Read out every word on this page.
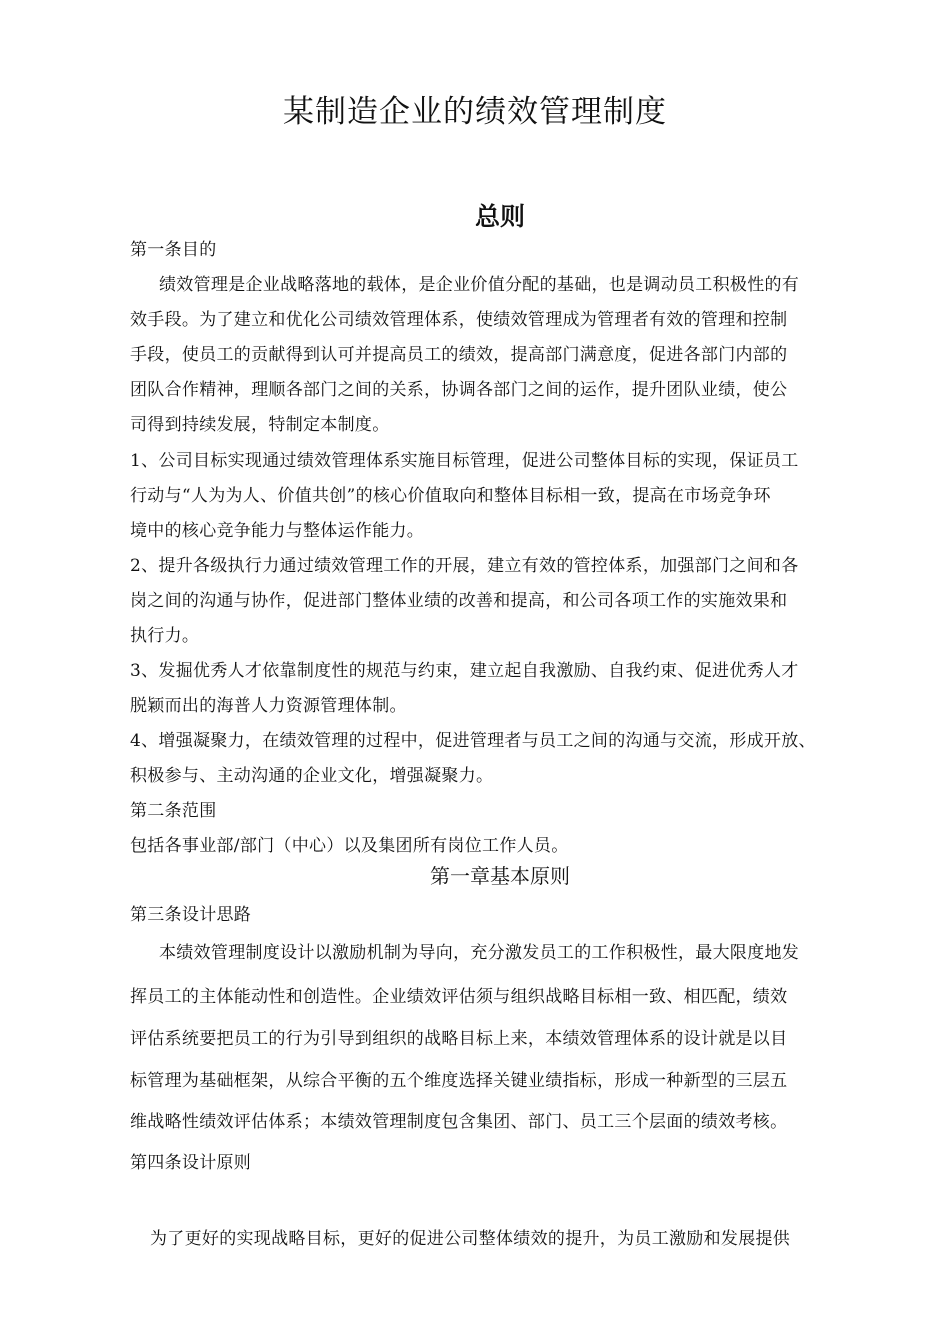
某制造企业的绩效管理制度
总则
第一条目的
绩效管理是企业战略落地的载体，是企业价值分配的基础，也是调动员工积极性的有
效手段。为了建立和优化公司绩效管理体系，使绩效管理成为管理者有效的管理和控制
手段，使员工的贡献得到认可并提高员工的绩效，提高部门满意度，促进各部门内部的
团队合作精神，理顺各部门之间的关系，协调各部门之间的运作，提升团队业绩，使公
司得到持续发展，特制定本制度。
1、公司目标实现通过绩效管理体系实施目标管理，促进公司整体目标的实现，保证员工
行动与“人为为人、价值共创”的核心价值取向和整体目标相一致，提高在市场竞争环
境中的核心竞争能力与整体运作能力。
2、提升各级执行力通过绩效管理工作的开展，建立有效的管控体系，加强部门之间和各
岗之间的沟通与协作，促进部门整体业绩的改善和提高，和公司各项工作的实施效果和
执行力。
3、发掘优秀人才依靠制度性的规范与约束，建立起自我激励、自我约束、促进优秀人才
脱颖而出的海普人力资源管理体制。
4、增强凝聚力，在绩效管理的过程中，促进管理者与员工之间的沟通与交流，形成开放、
积极参与、主动沟通的企业文化，增强凝聚力。
第二条范围
包括各事业部/部门（中心）以及集团所有岗位工作人员。
第一章基本原则
第三条设计思路
本绩效管理制度设计以激励机制为导向，充分激发员工的工作积极性，最大限度地发
挥员工的主体能动性和创造性。企业绩效评估须与组织战略目标相一致、相匹配，绩效
评估系统要把员工的行为引导到组织的战略目标上来，本绩效管理体系的设计就是以目
标管理为基础框架，从综合平衡的五个维度选择关键业绩指标，形成一种新型的三层五
维战略性绩效评估体系；本绩效管理制度包含集团、部门、员工三个层面的绩效考核。
第四条设计原则
为了更好的实现战略目标，更好的促进公司整体绩效的提升，为员工激励和发展提供
